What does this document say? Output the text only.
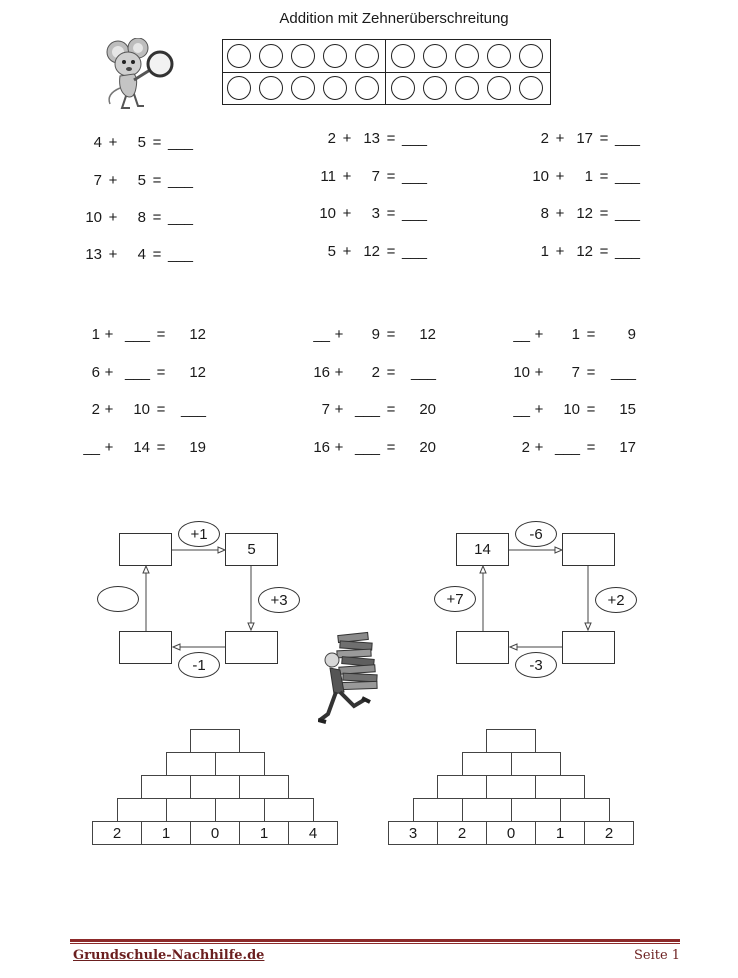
Addition mit Zehnerüberschreitung
4 + 5 = ___
7 + 5 = ___
10 + 8 = ___
13 + 4 = ___
2 + 13 = ___
11 + 7 = ___
10 + 3 = ___
5 + 12 = ___
2 + 17 = ___
10 + 1 = ___
8 + 12 = ___
1 + 12 = ___
1 + ___ = 12
6 + ___ = 12
2 + 10 = ___
__ + 14 = 19
__ + 9 = 12
16 + 2 = ___
7 + ___ = 20
16 + ___ = 20
__ + 1 = 9
10 + 7 = ___
__ + 10 = 15
2 + ___ = 17
5
+1
+3
-1
14
-6
+2
-3
+7
2	1	0	1	4	3	2	0	1	2
Grundschule-Nachhilfe.de	Seite 1
